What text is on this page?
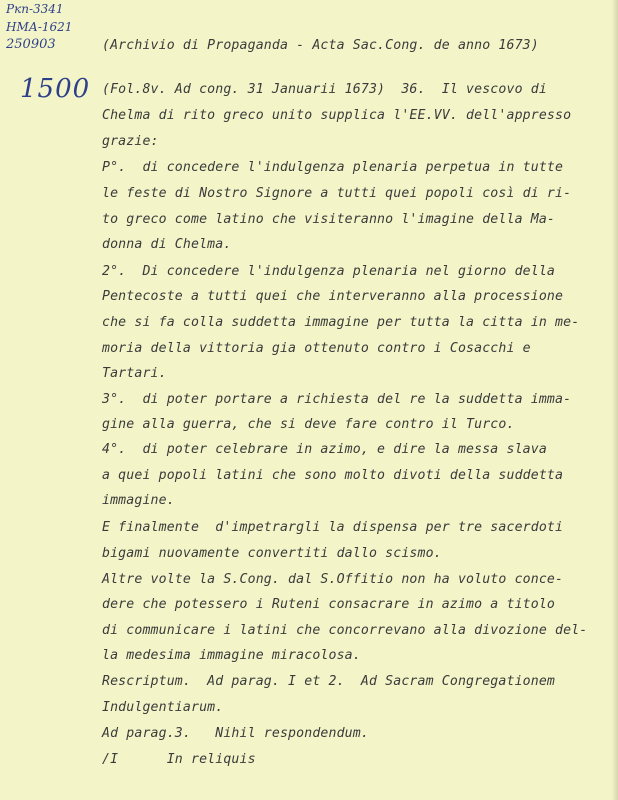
Ркп-3341
НМА-1621
250903
1500
(Archivio di Propaganda - Acta Sac.Cong. de anno 1673)
(Fol.8v. Ad cong. 31 Januarii 1673)  36.  Il vescovo di
Chelma di rito greco unito supplica l'EE.VV. dell'appresso
grazie:
P°.  di concedere l'indulgenza plenaria perpetua in tutte
le feste di Nostro Signore a tutti quei popoli così di ri-
to greco come latino che visiteranno l'imagine della Ma-
donna di Chelma.
2°.  Di concedere l'indulgenza plenaria nel giorno della
Pentecoste a tutti quei che interveranno alla processione
che si fa colla suddetta immagine per tutta la citta in me-
moria della vittoria gia ottenuto contro i Cosacchi e
Tartari.
3°.  di poter portare a richiesta del re la suddetta imma-
gine alla guerra, che si deve fare contro il Turco.
4°.  di poter celebrare in azimo, e dire la messa slava
a quei popoli latini che sono molto divoti della suddetta
immagine.
E finalmente  d'impetrargli la dispensa per tre sacerdoti
bigami nuovamente convertiti dallo scismo.
Altre volte la S.Cong. dal S.Offitio non ha voluto conce-
dere che potessero i Ruteni consacrare in azimo a titolo
di communicare i latini che concorrevano alla divozione del-
la medesima immagine miracolosa.
Rescriptum.  Ad parag. I et 2.  Ad Sacram Congregationem
Indulgentiarum.
Ad parag.3.   Nihil respondendum.
/I      In reliquis
